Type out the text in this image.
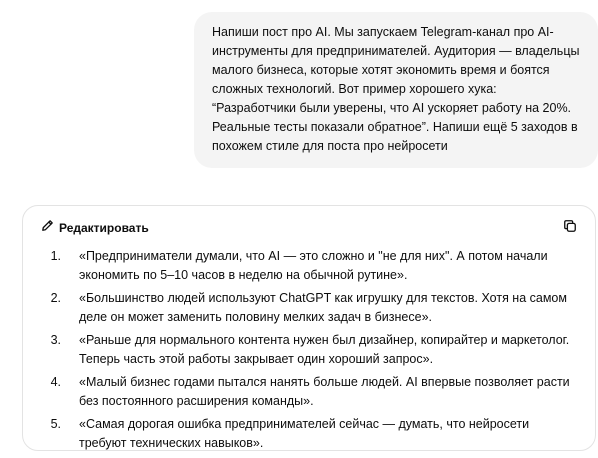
Напиши пост про AI. Мы запускаем Telegram-канал про AI-инструменты для предпринимателей. Аудитория — владельцы малого бизнеса, которые хотят экономить время и боятся сложных технологий. Вот пример хорошего хука: “Разработчики были уверены, что AI ускоряет работу на 20%. Реальные тесты показали обратное”. Напиши ещё 5 заходов в похожем стиле для поста про нейросети
Редактировать
1.	«Предприниматели думали, что AI — это сложно и "не для них". А потом начали экономить по 5–10 часов в неделю на обычной рутине».
2.	«Большинство людей используют ChatGPT как игрушку для текстов. Хотя на самом деле он может заменить половину мелких задач в бизнесе».
3.	«Раньше для нормального контента нужен был дизайнер, копирайтер и маркетолог. Теперь часть этой работы закрывает один хороший запрос».
4.	«Малый бизнес годами пытался нанять больше людей. AI впервые позволяет расти без постоянного расширения команды».
5.	«Самая дорогая ошибка предпринимателей сейчас — думать, что нейросети требуют технических навыков».
